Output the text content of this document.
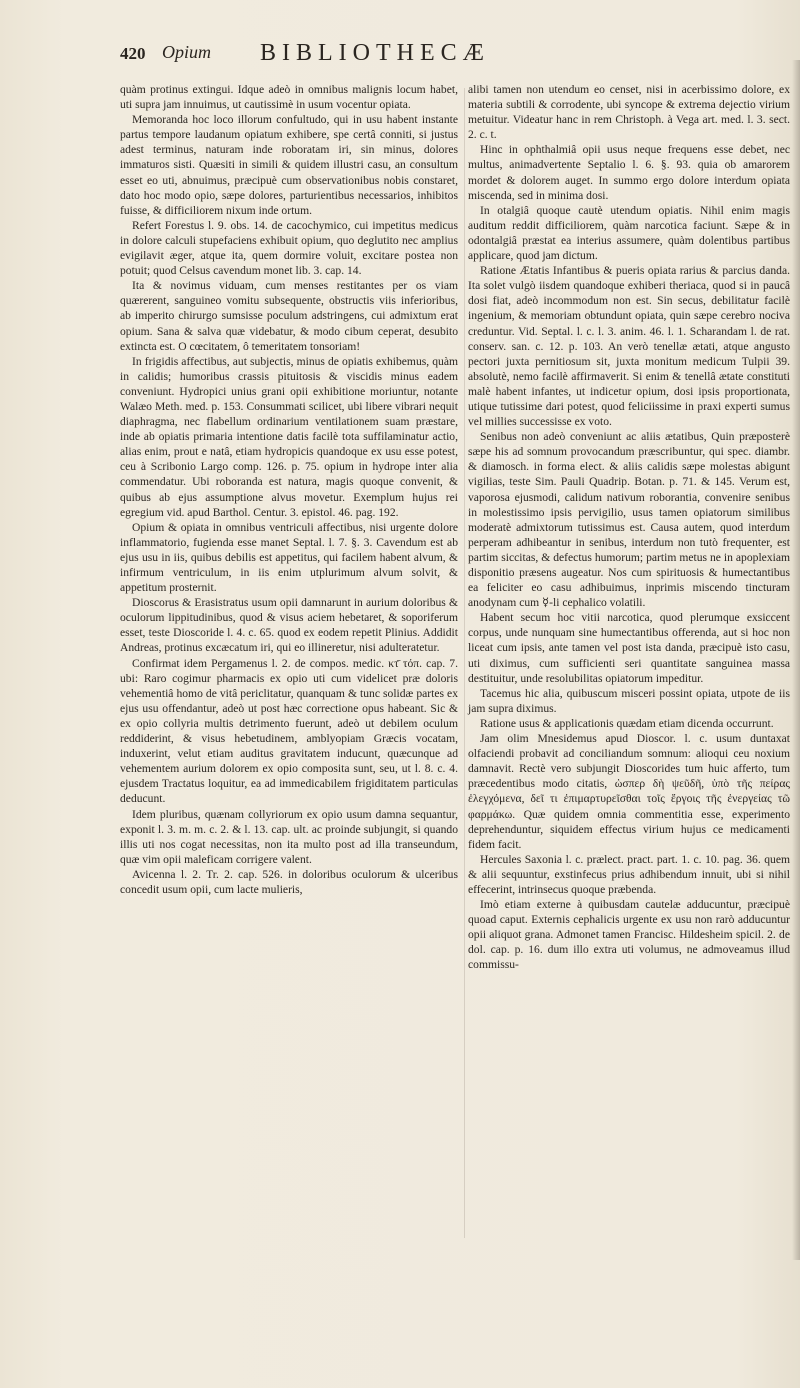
420 Opium BIBLIOTHECÆ

quàm protinus extingui. Idque adeò in omnibus malignis locum habet, uti supra jam innuimus, ut cautissimè in usum vocentur opiata.

Memoranda hoc loco illorum confultudo, qui in usu habent instante partus tempore laudanum opiatum exhibere, spe certâ conniti, si justus adest terminus, naturam inde roboratam iri, sin minus, dolores immaturos sisti. Quæsiti in simili & quidem illustri casu, an consultum esset eo uti, abnuimus, præcipuè cum observationibus nobis constaret, dato hoc modo opio, sæpe dolores, parturientibus necessarios, inhibitos fuisse, & difficiliorem nixum inde ortum.

Refert Forestus l. 9. obs. 14. de cacochymico, cui impetitus medicus in dolore calculi stupefaciens exhibuit opium, quo deglutito nec amplius evigilavit æger, atque ita, quem dormire voluit, excitare postea non potuit; quod Celsus cavendum monet lib. 3. cap. 14.

Ita & novimus viduam, cum menses restitantes per os viam quærerent, sanguineo vomitu subsequente, obstructis viis inferioribus, ab imperito chirurgo sumsisse poculum adstringens, cui admixtum erat opium. Sana & salva quæ videbatur, & modo cibum ceperat, desubito extincta est. O cœcitatem, ô temeritatem tonsoriam!

In frigidis affectibus, aut subjectis, minus de opiatis exhibemus, quàm in calidis; humoribus crassis pituitosis & viscidis minus eadem conveniunt. Hydropici unius grani opii exhibitione moriuntur, notante Walæo Meth. med. p. 153. Consummati scilicet, ubi libere vibrari nequit diaphragma, nec flabellum ordinarium ventilationem suam præstare, inde ab opiatis primaria intentione datis facilè tota suffilaminatur actio, alias enim, prout e natâ, etiam hydropicis quandoque ex usu esse potest, ceu à Scribonio Largo comp. 126. p. 75. opium in hydrope inter alia commendatur. Ubi roboranda est natura, magis quoque convenit, & quibus ab ejus assumptione alvus movetur. Exemplum hujus rei egregium vid. apud Barthol. Centur. 3. epistol. 46. pag. 192.

Opium & opiata in omnibus ventriculi affectibus, nisi urgente dolore inflammatorio, fugienda esse manet Septal. l. 7. §. 3. Cavendum est ab ejus usu in iis, quibus debilis est appetitus, qui facilem habent alvum, & infirmum ventriculum, in iis enim utplurimum alvum solvit, & appetitum prosternit.

Dioscorus & Erasistratus usum opii damnarunt in aurium doloribus & oculorum lippitudinibus, quod & visus aciem hebetaret, & soporiferum esset, teste Dioscoride l. 4. c. 65. quod ex eodem repetit Plinius. Addidit Andreas, protinus excæcatum iri, qui eo illineretur, nisi adulteratetur.

Confirmat idem Pergamenus l. 2. de compos. medic. κτ̄ τόπ. cap. 7. ubi: Raro cogimur pharmacis ex opio uti cum videlicet præ doloris vehementiâ homo de vitâ periclitatur, quanquam & tunc solidæ partes ex ejus usu offendantur, adeò ut post hæc correctione opus habeant. Sic & ex opio collyria multis detrimento fuerunt, adeò ut debilem oculum reddiderint, & visus hebetudinem, amblyopiam Græcis vocatam, induxerint, velut etiam auditus gravitatem inducunt, quæcunque ad vehementem aurium dolorem ex opio composita sunt, seu, ut l. 8. c. 4. ejusdem Tractatus loquitur, ea ad immedicabilem frigiditatem particulas deducunt.

Idem pluribus, quænam collyriorum ex opio usum damna sequantur, exponit l. 3. m. m. c. 2. & l. 13. cap. ult. ac proinde subjungit, si quando illis uti nos cogat necessitas, non ita multo post ad illa transeundum, quæ vim opii maleficam corrigere valent.

Avicenna l. 2. Tr. 2. cap. 526. in doloribus oculorum & ulceribus concedit usum opii, cum lacte mulieris,

alibi tamen non utendum eo censet, nisi in acerbissimo dolore, ex materia subtili & corrodente, ubi syncope & extrema dejectio virium metuitur. Videatur hanc in rem Christoph. à Vega art. med. l. 3. sect. 2. c. t.

Hinc in ophthalmiâ opii usus neque frequens esse debet, nec multus, animadvertente Septalio l. 6. §. 93. quia ob amarorem mordet & dolorem auget. In summo ergo dolore interdum opiata miscenda, sed in minima dosi.

In otalgiâ quoque cautè utendum opiatis. Nihil enim magis auditum reddit difficiliorem, quàm narcotica faciunt. Sæpe & in odontalgiâ præstat ea interius assumere, quàm dolentibus partibus applicare, quod jam dictum.

Ratione Ætatis Infantibus & pueris opiata rarius & parcius danda. Ita solet vulgò iisdem quandoque exhiberi theriaca, quod si in paucâ dosi fiat, adeò incommodum non est. Sin secus, debilitatur facilè ingenium, & memoriam obtundunt opiata, quin sæpe cerebro nociva creduntur. Vid. Septal. l. c. l. 3. anim. 46. l. 1. Scharandam l. de rat. conserv. san. c. 12. p. 103. An verò tenellæ ætati, atque angusto pectori juxta pernitiosum sit, juxta monitum medicum Tulpii 39. absolutè, nemo facilè affirmaverit. Si enim & tenellâ ætate constituti malè habent infantes, ut indicetur opium, dosi ipsis proportionata, utique tutissime dari potest, quod feliciissime in praxi experti sumus vel millies successisse ex voto.

Senibus non adeò conveniunt ac aliis ætatibus, Quin præposterè sæpe his ad somnum provocandum præscribuntur, qui spec. diambr. & diamosch. in forma elect. & aliis calidis sæpe molestas abigunt vigilias, teste Sim. Pauli Quadrip. Botan. p. 71. & 145. Verum est, vaporosa ejusmodi, calidum nativum roborantia, convenire senibus in molestissimo ipsis pervigilio, usus tamen opiatorum similibus moderatè admixtorum tutissimus est. Causa autem, quod interdum perperam adhibeantur in senibus, interdum non tutò frequenter, est partim siccitas, & defectus humorum; partim metus ne in apoplexiam disponitio præsens augeatur. Nos cum spirituosis & humectantibus ea feliciter eo casu adhibuimus, inprimis miscendo tincturam anodynam cum ☿-li cephalico volatili.

Habent secum hoc vitii narcotica, quod plerumque exsiccent corpus, unde nunquam sine humectantibus offerenda, aut si hoc non liceat cum ipsis, ante tamen vel post ista danda, præcipuè isto casu, uti diximus, cum sufficienti seri quantitate sanguinea massa destituitur, unde resolubilitas opiatorum impeditur.

Tacemus hic alia, quibuscum misceri possint opiata, utpote de iis jam supra diximus.

Ratione usus & applicationis quædam etiam dicenda occurrunt.

Jam olim Mnesidemus apud Dioscor. l. c. usum duntaxat olfaciendi probavit ad conciliandum somnum: alioqui ceu noxium damnavit. Rectè vero subjungit Dioscorides tum huic afferto, tum præcedentibus modo citatis, ὡσπερ δὴ ψεῦδῆ, ὑπὸ τῆς πείρας ἐλεγχόμενα, δεῖ τι ἐπιμαρτυρεῖσθαι τοῖς ἔργοις τῆς ἐνεργείας τῶ φαρμάκω. Quæ quidem omnia commentitia esse, experimento deprehenduntur, siquidem effectus virium hujus ce medicamenti fidem facit.

Hercules Saxonia l. c. prælect. pract. part. 1. c. 10. pag. 36. quem & alii sequuntur, exstinfecus prius adhibendum innuit, ubi si nihil effecerint, intrinsecus quoque præbenda.

Imò etiam externe à quibusdam cautelæ adducuntur, præcipuè quoad caput. Externis cephalicis urgente ex usu non rarò adducuntur opii aliquot grana. Admonet tamen Francisc. Hildesheim spicil. 2. de dol. cap. p. 16. dum illo extra uti volumus, ne admoveamus illud commissu-
